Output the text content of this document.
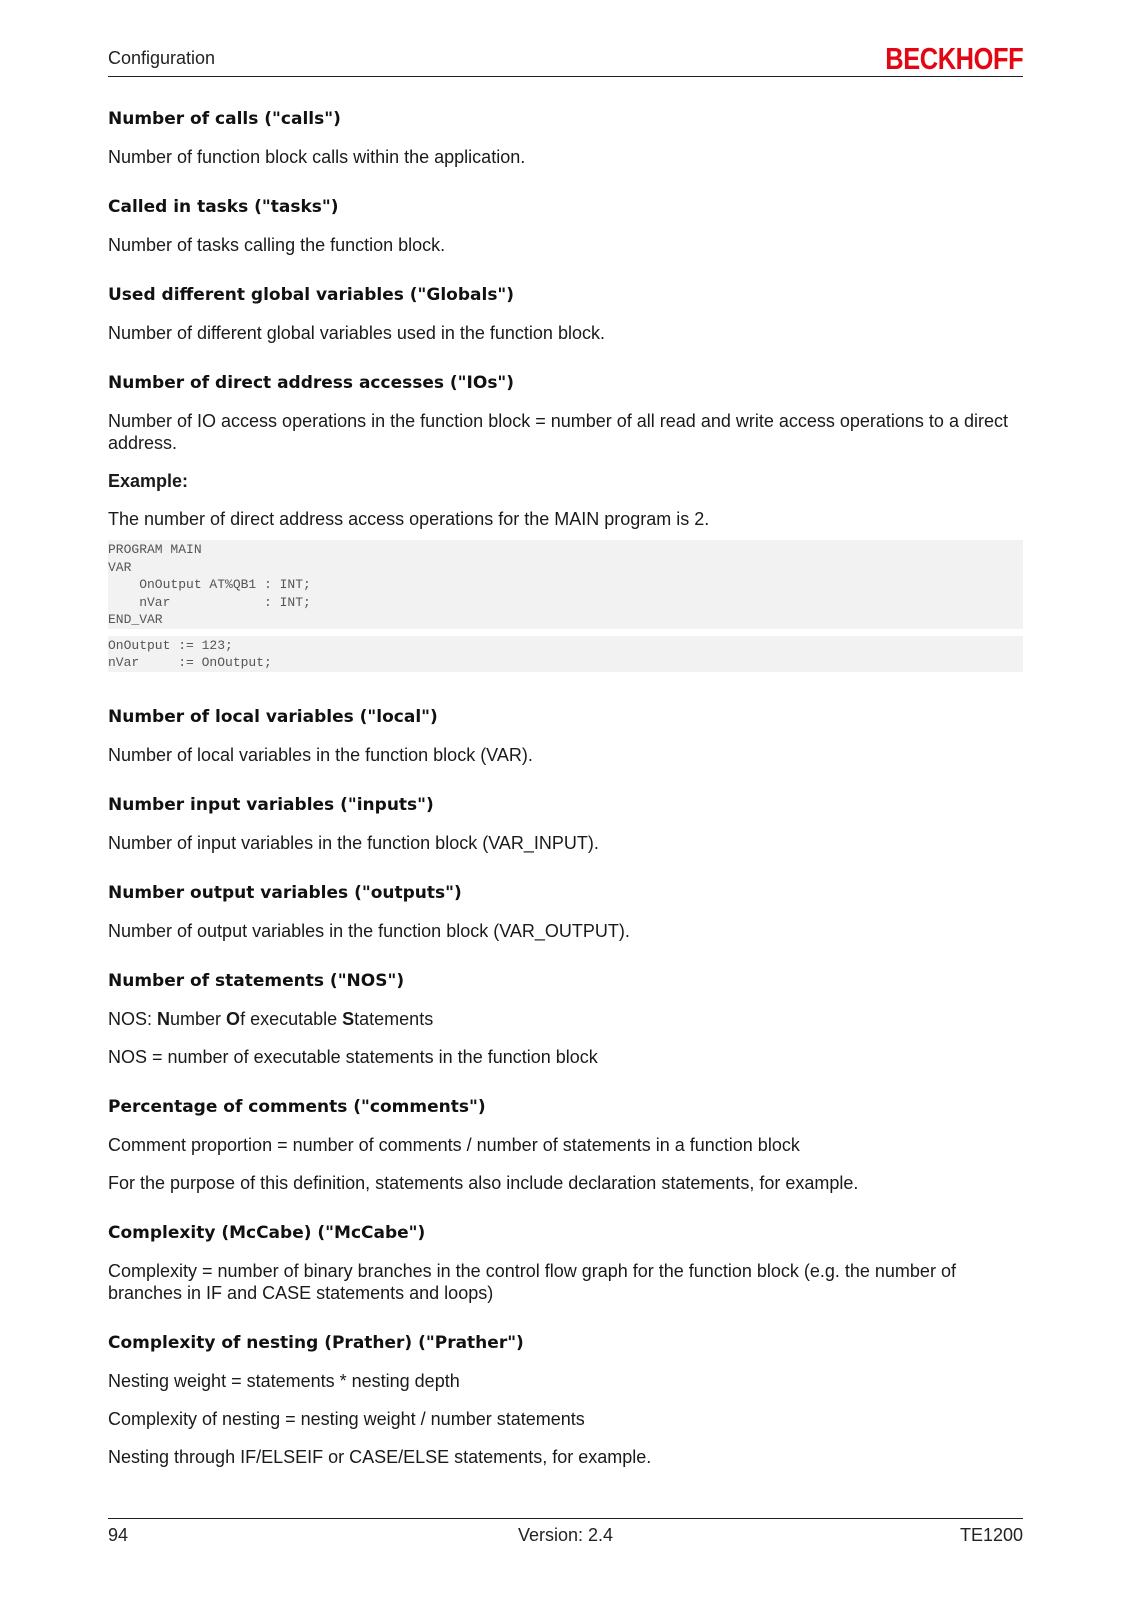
Configuration	BECKHOFF
Number of calls ("calls")
Number of function block calls within the application.
Called in tasks ("tasks")
Number of tasks calling the function block.
Used different global variables ("Globals")
Number of different global variables used in the function block.
Number of direct address accesses ("IOs")
Number of IO access operations in the function block = number of all read and write access operations to a direct address.
Example:
The number of direct address access operations for the MAIN program is 2.
PROGRAM MAIN
VAR
OnOutput AT%QB1 : INT;
nVar            : INT;
END_VAR
OnOutput := 123;
nVar     := OnOutput;
Number of local variables ("local")
Number of local variables in the function block (VAR).
Number input variables ("inputs")
Number of input variables in the function block (VAR_INPUT).
Number output variables ("outputs")
Number of output variables in the function block (VAR_OUTPUT).
Number of statements ("NOS")
NOS: Number Of executable Statements
NOS = number of executable statements in the function block
Percentage of comments ("comments")
Comment proportion = number of comments / number of statements in a function block
For the purpose of this definition, statements also include declaration statements, for example.
Complexity (McCabe) ("McCabe")
Complexity = number of binary branches in the control flow graph for the function block (e.g. the number of branches in IF and CASE statements and loops)
Complexity of nesting (Prather) ("Prather")
Nesting weight = statements * nesting depth
Complexity of nesting = nesting weight / number statements
Nesting through IF/ELSEIF or CASE/ELSE statements, for example.
94	Version: 2.4	TE1200
